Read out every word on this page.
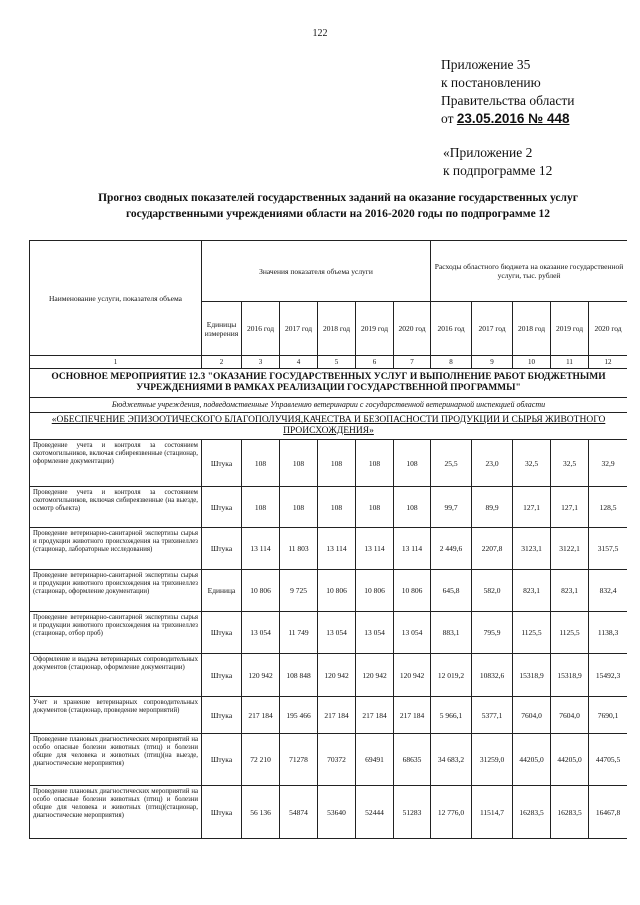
122
Приложение 35
к постановлению
Правительства области
от 23.05.2016 № 448
«Приложение 2
к подпрограмме 12
Прогноз сводных показателей государственных заданий на оказание государственных услуг
государственными учреждениями области на 2016-2020 годы по подпрограмме 12
Наименование услуги, показателя объема	Значения показателя объема услуги						Расходы областного бюджета на оказание государственной услуги, тыс. рублей				
	Единицы измерения	2016 год	2017 год	2018 год	2019 год	2020 год	2016 год	2017 год	2018 год	2019 год	2020 год
1	2	3	4	5	6	7	8	9	10	11	12
ОСНОВНОЕ МЕРОПРИЯТИЕ 12.3 "ОКАЗАНИЕ ГОСУДАРСТВЕННЫХ УСЛУГ И ВЫПОЛНЕНИЕ РАБОТ БЮДЖЕТНЫМИ УЧРЕЖДЕНИЯМИ В РАМКАХ РЕАЛИЗАЦИИ ГОСУДАРСТВЕННОЙ ПРОГРАММЫ"											
Бюджетные учреждения, подведомственные Управлению ветеринарии с государственной ветеринарной инспекцией области											
«ОБЕСПЕЧЕНИЕ ЭПИЗООТИЧЕСКОГО БЛАГОПОЛУЧИЯ,КАЧЕСТВА И БЕЗОПАСНОСТИ ПРОДУКЦИИ И СЫРЬЯ ЖИВОТНОГО ПРОИСХОЖДЕНИЯ»											
Проведение учета и контроля за состоянием скотомогильников, включая сибиреязвенные (стационар, оформление документации)	Штука	108	108	108	108	108	25,5	23,0	32,5	32,5	32,9
Проведение учета и контроля за состоянием скотомогильников, включая сибиреязвенные (на выезде, осмотр объекта)	Штука	108	108	108	108	108	99,7	89,9	127,1	127,1	128,5
Проведение ветеринарно-санитарной экспертизы сырья и продукции животного происхождения на трихинеллез (стационар, лабораторные исследования)	Штука	13 114	11 803	13 114	13 114	13 114	2 449,6	2207,8	3123,1	3122,1	3157,5
Проведение ветеринарно-санитарной экспертизы сырья и продукции животного происхождения на трихинеллез (стационар, оформление документации)	Единица	10 806	9 725	10 806	10 806	10 806	645,8	582,0	823,1	823,1	832,4
Проведение ветеринарно-санитарной экспертизы сырья и продукции животного происхождения на трихинеллез (стационар, отбор проб)	Штука	13 054	11 749	13 054	13 054	13 054	883,1	795,9	1125,5	1125,5	1138,3
Оформление и выдача ветеринарных сопроводительных документов (стационар, оформление документации)	Штука	120 942	108 848	120 942	120 942	120 942	12 019,2	10832,6	15318,9	15318,9	15492,3
Учет и хранение ветеринарных сопроводительных документов (стационар, проведение мероприятий)	Штука	217 184	195 466	217 184	217 184	217 184	5 966,1	5377,1	7604,0	7604,0	7690,1
Проведение плановых диагностических мероприятий на особо опасные болезни животных (птиц) и болезни общие для человека и животных (птиц)(на выезде, диагностические мероприятия)	Штука	72 210	71278	70372	69491	68635	34 683,2	31259,0	44205,0	44205,0	44705,5
Проведение плановых диагностических мероприятий на особо опасные болезни животных (птиц) и болезни общие для человека и животных (птиц)(стационар, диагностические мероприятия)	Штука	56 136	54874	53640	52444	51283	12 776,0	11514,7	16283,5	16283,5	16467,8
